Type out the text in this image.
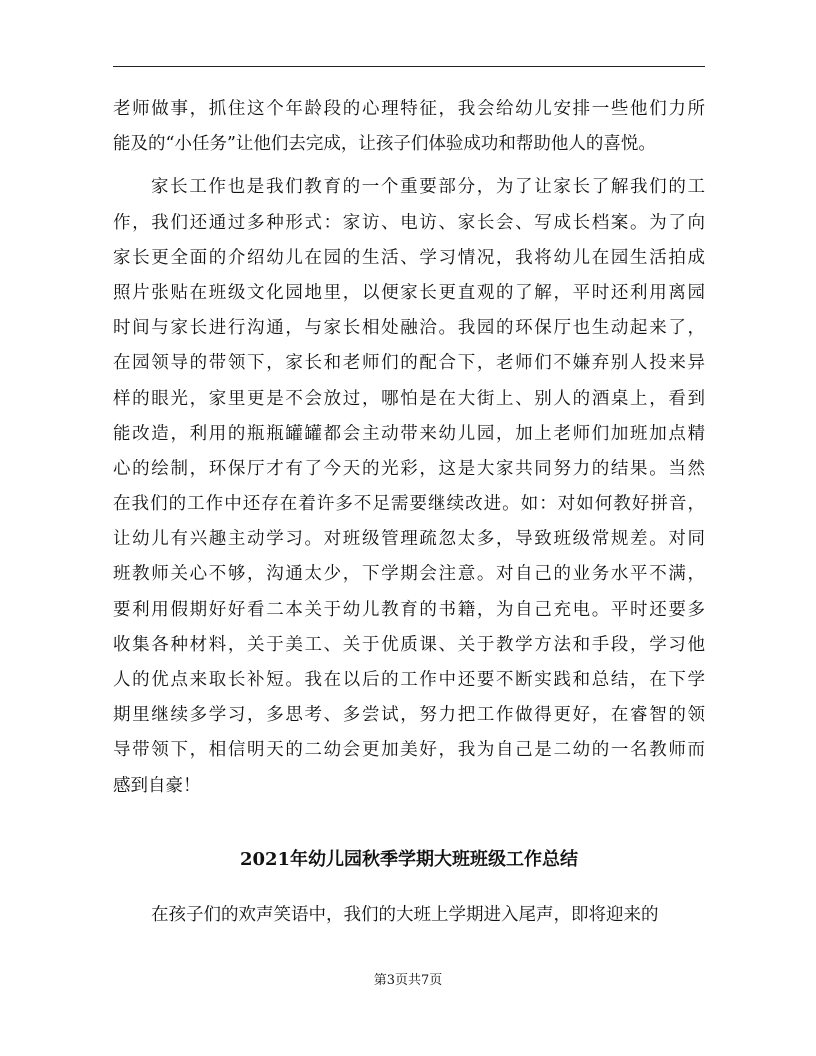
老师做事，抓住这个年龄段的心理特征，我会给幼儿安排一些他们力所
能及的“小任务”让他们去完成，让孩子们体验成功和帮助他人的喜悦。
家长工作也是我们教育的一个重要部分，为了让家长了解我们的工
作，我们还通过多种形式：家访、电访、家长会、写成长档案。为了向
家长更全面的介绍幼儿在园的生活、学习情况，我将幼儿在园生活拍成
照片张贴在班级文化园地里，以便家长更直观的了解，平时还利用离园
时间与家长进行沟通，与家长相处融洽。我园的环保厅也生动起来了，
在园领导的带领下，家长和老师们的配合下，老师们不嫌弃别人投来异
样的眼光，家里更是不会放过，哪怕是在大街上、别人的酒桌上，看到
能改造，利用的瓶瓶罐罐都会主动带来幼儿园，加上老师们加班加点精
心的绘制，环保厅才有了今天的光彩，这是大家共同努力的结果。当然
在我们的工作中还存在着许多不足需要继续改进。如：对如何教好拼音，
让幼儿有兴趣主动学习。对班级管理疏忽太多，导致班级常规差。对同
班教师关心不够，沟通太少，下学期会注意。对自己的业务水平不满，
要利用假期好好看二本关于幼儿教育的书籍，为自己充电。平时还要多
收集各种材料，关于美工、关于优质课、关于教学方法和手段，学习他
人的优点来取长补短。我在以后的工作中还要不断实践和总结，在下学
期里继续多学习，多思考、多尝试，努力把工作做得更好，在睿智的领
导带领下，相信明天的二幼会更加美好，我为自己是二幼的一名教师而
感到自豪！
2021年幼儿园秋季学期大班班级工作总结
在孩子们的欢声笑语中，我们的大班上学期进入尾声，即将迎来的
第3页共7页
